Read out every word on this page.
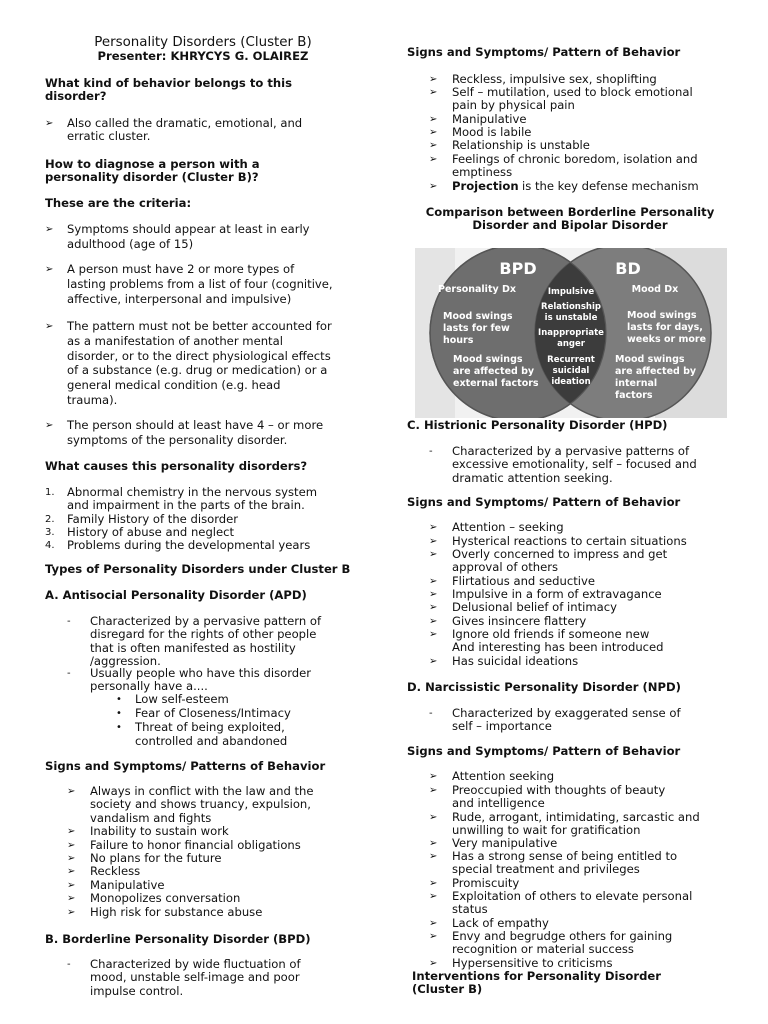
Personality Disorders (Cluster B)
Presenter: KHRYCYS G. OLAIREZ
What kind of behavior belongs to this
disorder?
➢ Also called the dramatic, emotional, and
erratic cluster.
How to diagnose a person with a
personality disorder (Cluster B)?
These are the criteria:
➢ Symptoms should appear at least in early
adulthood (age of 15)
➢ A person must have 2 or more types of
lasting problems from a list of four (cognitive,
affective, interpersonal and impulsive)
➢ The pattern must not be better accounted for
as a manifestation of another mental
disorder, or to the direct physiological effects
of a substance (e.g. drug or medication) or a
general medical condition (e.g. head
trauma).
➢ The person should at least have 4 – or more
symptoms of the personality disorder.
What causes this personality disorders?
1. Abnormal chemistry in the nervous system
and impairment in the parts of the brain.
2. Family History of the disorder
3. History of abuse and neglect
4. Problems during the developmental years
Types of Personality Disorders under Cluster B
A. Antisocial Personality Disorder (APD)
- Characterized by a pervasive pattern of
disregard for the rights of other people
that is often manifested as hostility
/aggression.
- Usually people who have this disorder
personally have a....
• Low self-esteem
• Fear of Closeness/Intimacy
• Threat of being exploited,
controlled and abandoned
Signs and Symptoms/ Patterns of Behavior
➢ Always in conflict with the law and the
society and shows truancy, expulsion,
vandalism and fights
➢ Inability to sustain work
➢ Failure to honor financial obligations
➢ No plans for the future
➢ Reckless
➢ Manipulative
➢ Monopolizes conversation
➢ High risk for substance abuse
B. Borderline Personality Disorder (BPD)
- Characterized by wide fluctuation of
mood, unstable self-image and poor
impulse control.
Signs and Symptoms/ Pattern of Behavior
➢ Reckless, impulsive sex, shoplifting
➢ Self – mutilation, used to block emotional
pain by physical pain
➢ Manipulative
➢ Mood is labile
➢ Relationship is unstable
➢ Feelings of chronic boredom, isolation and
emptiness
➢ Projection is the key defense mechanism
Comparison between Borderline Personality
Disorder and Bipolar Disorder
BPD	BD
Personality Dx	Mood Dx
Mood swings
lasts for few
hours
Mood swings
are affected by
external factors
Mood swings
lasts for days,
weeks or more
Mood swings
are affected by
internal
factors
Impulsive
Relationship
is unstable
Inappropriate
anger
Recurrent
suicidal
ideation
C. Histrionic Personality Disorder (HPD)
- Characterized by a pervasive patterns of
excessive emotionality, self – focused and
dramatic attention seeking.
Signs and Symptoms/ Pattern of Behavior
➢ Attention – seeking
➢ Hysterical reactions to certain situations
➢ Overly concerned to impress and get
approval of others
➢ Flirtatious and seductive
➢ Impulsive in a form of extravagance
➢ Delusional belief of intimacy
➢ Gives insincere flattery
➢ Ignore old friends if someone new
And interesting has been introduced
➢ Has suicidal ideations
D. Narcissistic Personality Disorder (NPD)
- Characterized by exaggerated sense of
self – importance
Signs and Symptoms/ Pattern of Behavior
➢ Attention seeking
➢ Preoccupied with thoughts of beauty
and intelligence
➢ Rude, arrogant, intimidating, sarcastic and
unwilling to wait for gratification
➢ Very manipulative
➢ Has a strong sense of being entitled to
special treatment and privileges
➢ Promiscuity
➢ Exploitation of others to elevate personal
status
➢ Lack of empathy
➢ Envy and begrudge others for gaining
recognition or material success
➢ Hypersensitive to criticisms
Interventions for Personality Disorder
(Cluster B)
